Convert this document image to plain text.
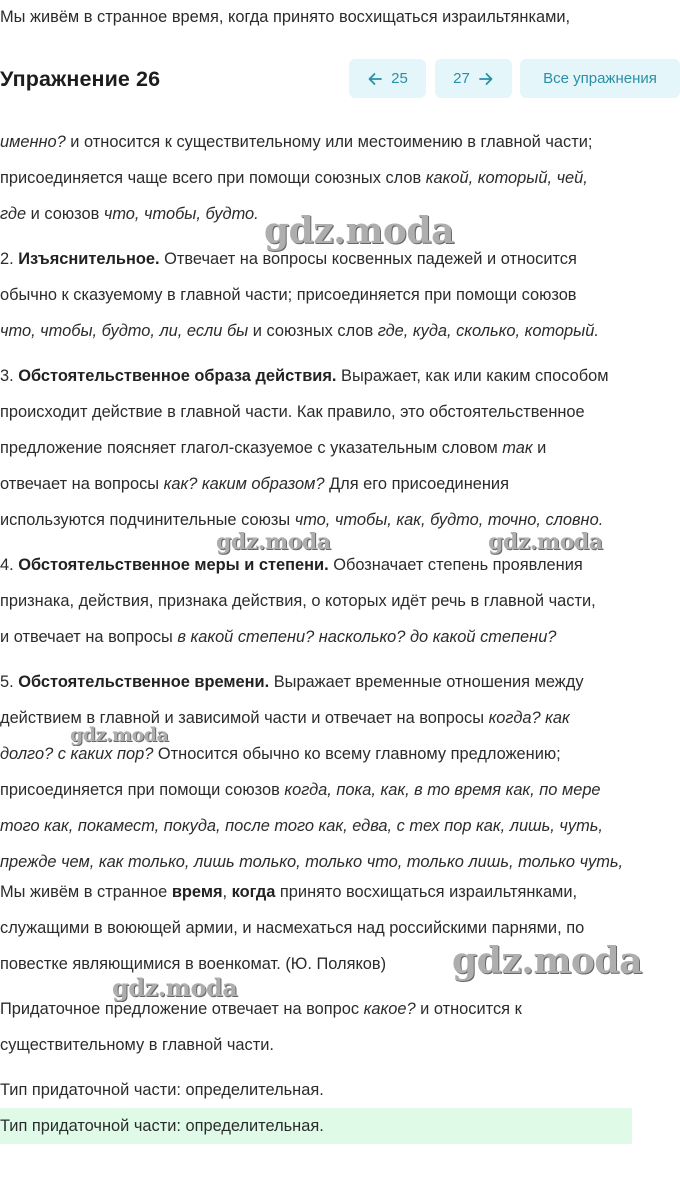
Мы живём в странное время, когда принято восхищаться израильтянками,
именно? и относится к существительному или местоимению в главной части;
присоединяется чаще всего при помощи союзных слов какой, который, чей,
где и союзов что, чтобы, будто.
2. Изъяснительное. Отвечает на вопросы косвенных падежей и относится
обычно к сказуемому в главной части; присоединяется при помощи союзов
что, чтобы, будто, ли, если бы и союзных слов где, куда, сколько, который.
3. Обстоятельственное образа действия. Выражает, как или каким способом
происходит действие в главной части. Как правило, это обстоятельственное
предложение поясняет глагол-сказуемое с указательным словом так и
отвечает на вопросы как? каким образом? Для его присоединения
используются подчинительные союзы что, чтобы, как, будто, точно, словно.
4. Обстоятельственное меры и степени. Обозначает степень проявления
признака, действия, признака действия, о которых идёт речь в главной части,
и отвечает на вопросы в какой степени? насколько? до какой степени?
5. Обстоятельственное времени. Выражает временные отношения между
действием в главной и зависимой части и отвечает на вопросы когда? как
долго? с каких пор? Относится обычно ко всему главному предложению;
присоединяется при помощи союзов когда, пока, как, в то время как, по мере
того как, покамест, покуда, после того как, едва, с тех пор как, лишь, чуть,
прежде чем, как только, лишь только, только что, только лишь, только чуть,
Мы живём в странное время, когда принято восхищаться израильтянками,
служащими в воюющей армии, и насмехаться над российскими парнями, по
повестке являющимися в военкомат. (Ю. Поляков)
Придаточное предложение отвечает на вопрос какое? и относится к
существительному в главной части.
Тип придаточной части: определительная.
Тип придаточной части: определительная.
Упражнение 26	25	27	Все упражнения
gdz.moda
gdz.moda	gdz.moda
gdz.moda
gdz.moda
gdz.moda
